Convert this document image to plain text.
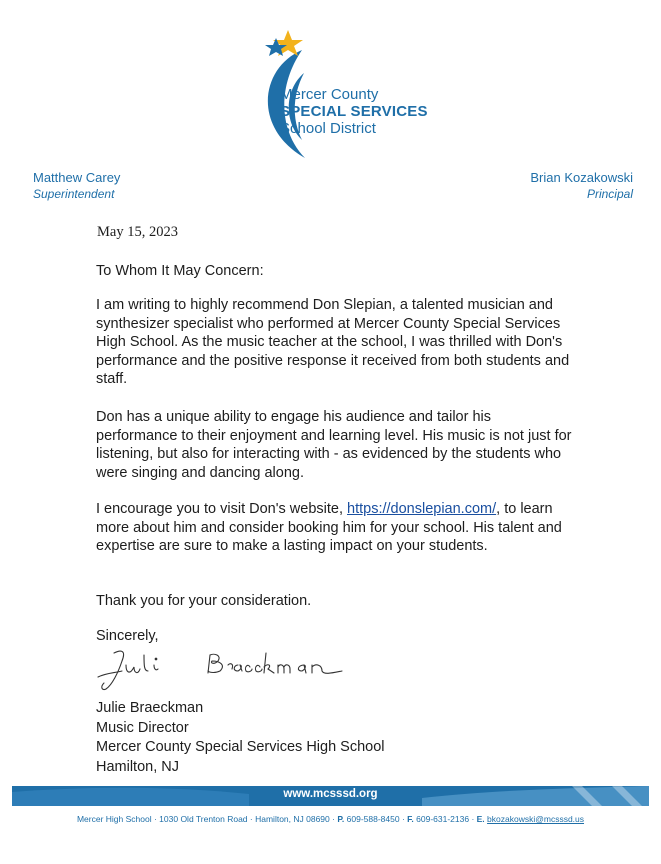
Mercer County
SPECIAL SERVICES
School District
Matthew Carey
Superintendent
Brian Kozakowski
Principal
May 15, 2023
To Whom It May Concern:
I am writing to highly recommend Don Slepian, a talented musician and synthesizer specialist who performed at Mercer County Special Services High School. As the music teacher at the school, I was thrilled with Don's performance and the positive response it received from both students and staff.
Don has a unique ability to engage his audience and tailor his performance to their enjoyment and learning level. His music is not just for listening, but also for interacting with - as evidenced by the students who were singing and dancing along.
I encourage you to visit Don's website, https://donslepian.com/, to learn more about him and consider booking him for your school. His talent and expertise are sure to make a lasting impact on your students.
Thank you for your consideration.
Sincerely,
Julie Braeckman
Music Director
Mercer County Special Services High School
Hamilton, NJ
www.mcsssd.org
Mercer High School · 1030 Old Trenton Road · Hamilton, NJ 08690 · P. 609-588-8450 · F. 609-631-2136 · E. bkozakowski@mcsssd.us
